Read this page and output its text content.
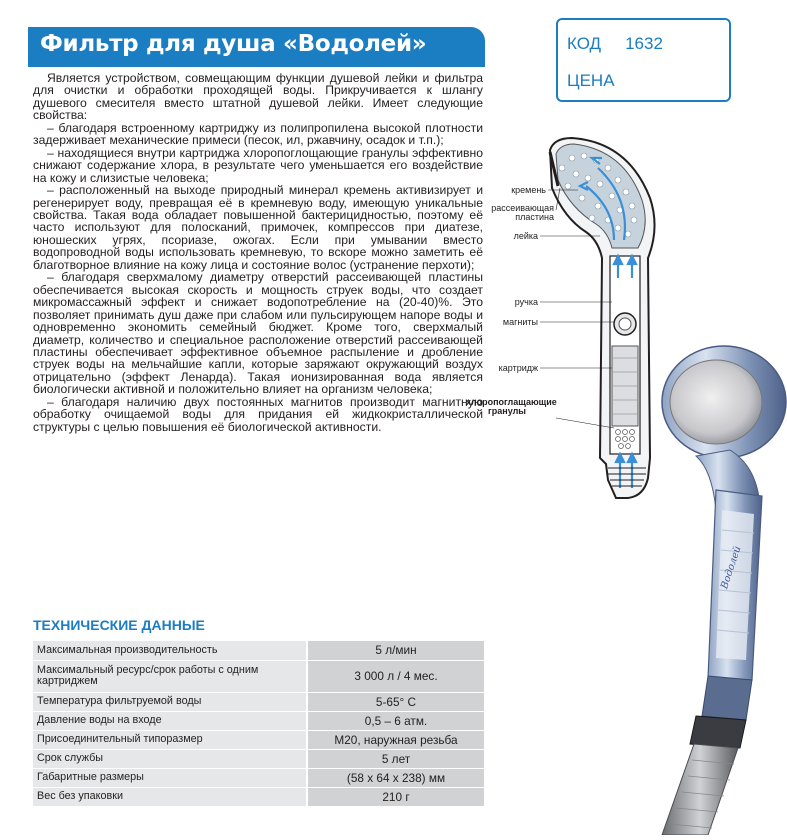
Фильтр для душа «Водолей»	КОД 1632
ЦЕНА

Является устройством, совмещающим функции душевой лейки и фильтра для очистки и обработки проходящей воды. Прикручивается к шлангу душевого смесителя вместо штатной душевой лейки. Имеет следующие свойства:

– благодаря встроенному картриджу из полипропилена высокой плотности задерживает механические примеси (песок, ил, ржавчину, осадок и т.п.);

– находящиеся внутри картриджа хлоропоглощающие гранулы эффективно снижают содержание хлора, в результате чего уменьшается его воздействие на кожу и слизистые человека;

– расположенный на выходе природный минерал кремень активизирует и регенерирует воду, превращая её в кремневую воду, имеющую уникальные свойства. Такая вода обладает повышенной бактерицидностью, поэтому её часто используют для полосканий, примочек, компрессов при диатезе, юношеских угрях, псориазе, ожогах. Если при умывании вместо водопроводной воды использовать кремневую, то вскоре можно заметить её благотворное влияние на кожу лица и состояние волос (устранение перхоти);

– благодаря сверхмалому диаметру отверстий рассеивающей пластины обеспечивается высокая скорость и мощность струек воды, что создает микромассажный эффект и снижает водопотребление на (20-40)%. Это позволяет принимать душ даже при слабом или пульсирующем напоре воды и одновременно экономить семейный бюджет. Кроме того, сверхмалый диаметр, количество и специальное расположение отверстий рассеивающей пластины обеспечивает эффективное объемное распыление и дробление струек воды на мельчайшие капли, которые заряжают окружающий воздух отрицательно (эффект Ленарда). Такая ионизированная вода является биологически активной и положительно влияет на организм человека;

– благодаря наличию двух постоянных магнитов производит магнитную обработку очищаемой воды для придания ей жидкокристаллической структуры с целью повышения её биологической активности.

ТЕХНИЧЕСКИЕ ДАННЫЕ
Максимальная производительность	5 л/мин
Максимальный ресурс/срок работы с одним картриджем	3 000 л / 4 мес.
Температура фильтруемой воды	5-65° С
Давление воды на входе	0,5 – 6 атм.
Присоединительный типоразмер	М20, наружная резьба
Срок службы	5 лет
Габаритные размеры	(58 х 64 х 238) мм
Вес без упаковки	210 г
кремень
рассеивающая
пластина
лейка
ручка
магниты
картридж
хлоропоглащающие
гранулы
Водолей
